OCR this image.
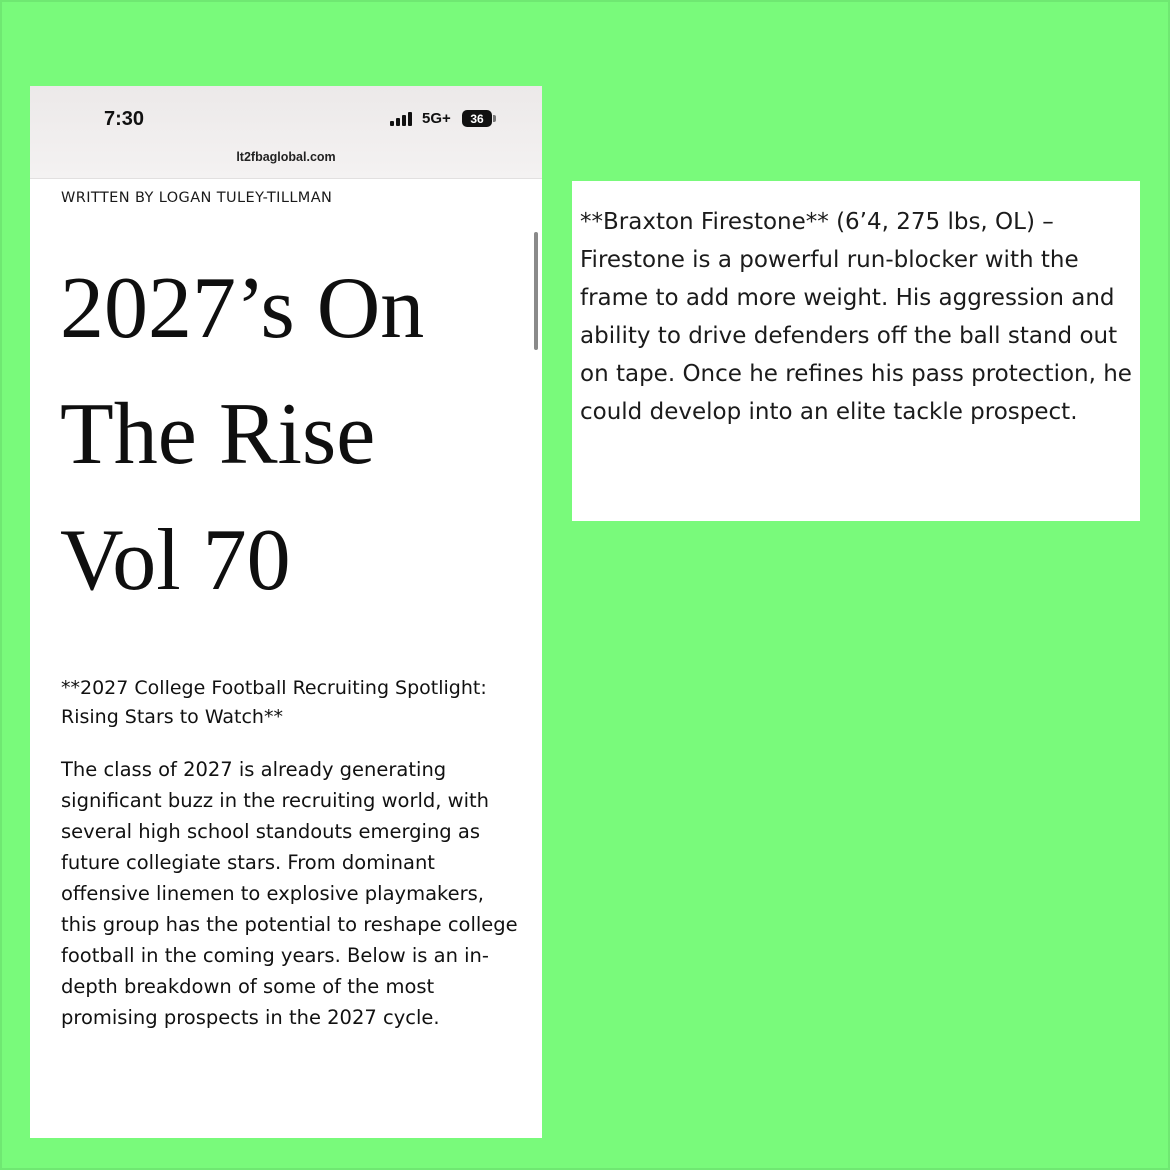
7:30	5G+ 36
lt2fbaglobal.com
WRITTEN BY LOGAN TULEY-TILLMAN
2027’s On
The Rise
Vol 70

**2027 College Football Recruiting Spotlight: Rising Stars to Watch**

The class of 2027 is already generating significant buzz in the recruiting world, with several high school standouts emerging as future collegiate stars. From dominant offensive linemen to explosive playmakers, this group has the potential to reshape college football in the coming years. Below is an in-depth breakdown of some of the most promising prospects in the 2027 cycle.

**Braxton Firestone** (6’4, 275 lbs, OL) – Firestone is a powerful run-blocker with the frame to add more weight. His aggression and ability to drive defenders off the ball stand out on tape. Once he refines his pass protection, he could develop into an elite tackle prospect.
